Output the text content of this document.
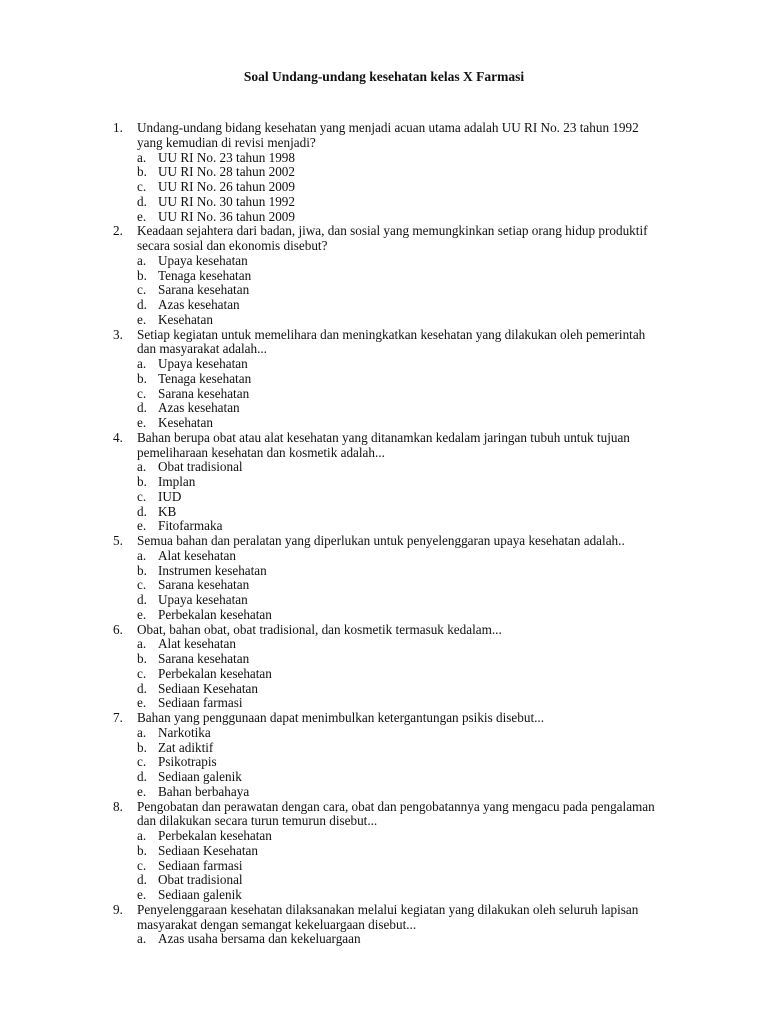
Soal Undang-undang kesehatan kelas X Farmasi
1. Undang-undang bidang kesehatan yang menjadi acuan utama adalah UU RI No. 23 tahun 1992
yang kemudian di revisi menjadi?
a. UU RI No. 23 tahun 1998
b. UU RI No. 28 tahun 2002
c. UU RI No. 26 tahun 2009
d. UU RI No. 30 tahun 1992
e. UU RI No. 36 tahun 2009
2. Keadaan sejahtera dari badan, jiwa, dan sosial yang memungkinkan setiap orang hidup produktif
secara sosial dan ekonomis disebut?
a. Upaya kesehatan
b. Tenaga kesehatan
c. Sarana kesehatan
d. Azas kesehatan
e. Kesehatan
3. Setiap kegiatan untuk memelihara dan meningkatkan kesehatan yang dilakukan oleh pemerintah
dan masyarakat adalah...
a. Upaya kesehatan
b. Tenaga kesehatan
c. Sarana kesehatan
d. Azas kesehatan
e. Kesehatan
4. Bahan berupa obat atau alat kesehatan yang ditanamkan kedalam jaringan tubuh untuk tujuan
pemeliharaan kesehatan dan kosmetik adalah...
a. Obat tradisional
b. Implan
c. IUD
d. KB
e. Fitofarmaka
5. Semua bahan dan peralatan yang diperlukan untuk penyelenggaran upaya kesehatan adalah..
a. Alat kesehatan
b. Instrumen kesehatan
c. Sarana kesehatan
d. Upaya kesehatan
e. Perbekalan kesehatan
6. Obat, bahan obat, obat tradisional, dan kosmetik termasuk kedalam...
a. Alat kesehatan
b. Sarana kesehatan
c. Perbekalan kesehatan
d. Sediaan Kesehatan
e. Sediaan farmasi
7. Bahan yang penggunaan dapat menimbulkan ketergantungan psikis disebut...
a. Narkotika
b. Zat adiktif
c. Psikotrapis
d. Sediaan galenik
e. Bahan berbahaya
8. Pengobatan dan perawatan dengan cara, obat dan pengobatannya yang mengacu pada pengalaman
dan dilakukan secara turun temurun disebut...
a. Perbekalan kesehatan
b. Sediaan Kesehatan
c. Sediaan farmasi
d. Obat tradisional
e. Sediaan galenik
9. Penyelenggaraan kesehatan dilaksanakan melalui kegiatan yang dilakukan oleh seluruh lapisan
masyarakat dengan semangat kekeluargaan disebut...
a. Azas usaha bersama dan kekeluargaan
